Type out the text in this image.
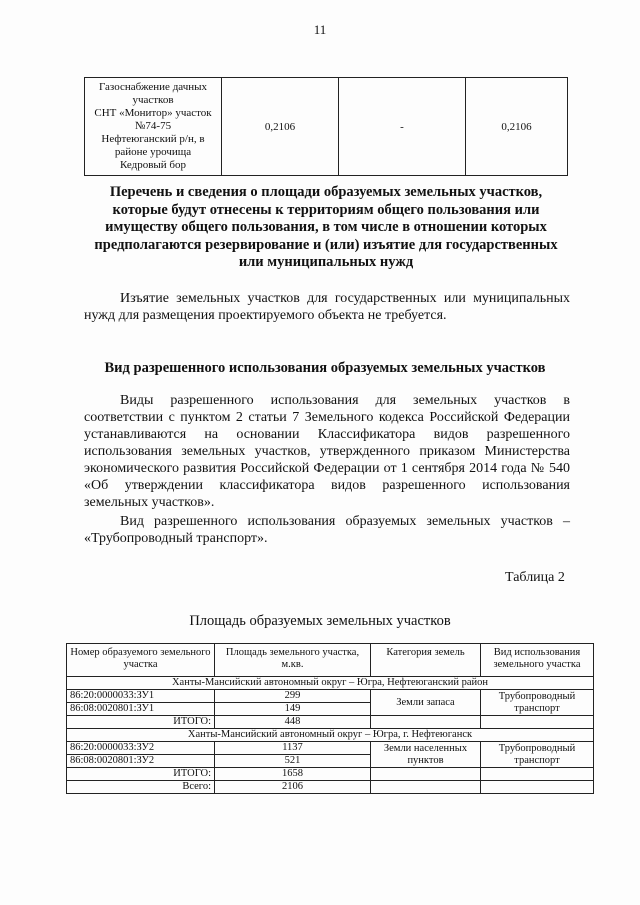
11
Газоснабжение дачных
участков
СНТ «Монитор» участок
№74-75
Нефтеюганский р/н, в
районе урочища
Кедровый бор
	0,2106	-	0,2106
Перечень и сведения о площади образуемых земельных участков, которые будут отнесены к территориям общего пользования или имуществу общего пользования, в том числе в отношении которых предполагаются резервирование и (или) изъятие для государственных или муниципальных нужд
Изъятие земельных участков для государственных или муниципальных нужд для размещения проектируемого объекта не требуется.
Вид разрешенного использования образуемых земельных участков
Виды разрешенного использования для земельных участков в соответствии с пунктом 2 статьи 7 Земельного кодекса Российской Федерации устанавливаются на основании Классификатора видов разрешенного использования земельных участков, утвержденного приказом Министерства экономического развития Российской Федерации от 1 сентября 2014 года № 540 «Об утверждении классификатора видов разрешенного использования земельных участков».
Вид разрешенного использования образуемых земельных участков – «Трубопроводный транспорт».
Таблица 2
Площадь образуемых земельных участков
Номер образуемого земельного участка	Площадь земельного участка, м.кв.	Категория земель	Вид использования земельного участка
Ханты-Мансийский автономный округ – Югра, Нефтеюганский район			
86:20:0000033:ЗУ1	299	Земли запаса	Трубопроводный транспорт
86:08:0020801:ЗУ1	149		
ИТОГО:	448		
Ханты-Мансийский автономный округ – Югра, г. Нефтеюганск			
86:20:0000033:ЗУ2	1137	Земли населенных пунктов	Трубопроводный транспорт
86:08:0020801:ЗУ2	521		
ИТОГО:	1658		
Всего:	2106		
